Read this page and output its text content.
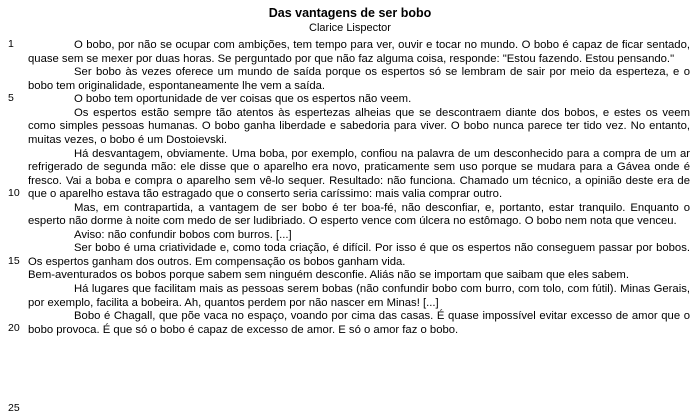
Das vantagens de ser bobo
Clarice Lispector
1
5
10
15
20
25

O bobo, por não se ocupar com ambições, tem tempo para ver, ouvir e tocar no mundo. O bobo é capaz de ficar sentado, quase sem se mexer por duas horas. Se perguntado por que não faz alguma coisa, responde: "Estou fazendo. Estou pensando."

Ser bobo às vezes oferece um mundo de saída porque os espertos só se lembram de sair por meio da esperteza, e o bobo tem originalidade, espontaneamente lhe vem a saída.

O bobo tem oportunidade de ver coisas que os espertos não veem.

Os espertos estão sempre tão atentos às espertezas alheias que se descontraem diante dos bobos, e estes os veem como simples pessoas humanas. O bobo ganha liberdade e sabedoria para viver. O bobo nunca parece ter tido vez. No entanto, muitas vezes, o bobo é um Dostoievski.

Há desvantagem, obviamente. Uma bobа, por exemplo, confiou na palavra de um desconhecido para a compra de um ar refrigerado de segunda mão: ele disse que o aparelho era novo, praticamente sem uso porque se mudara para a Gávea onde é fresco. Vai a boba e compra o aparelho sem vê-lo sequer. Resultado: não funciona. Chamado um técnico, a opinião deste era de que o aparelho estava tão estragado que o conserto seria caríssimo: mais valia comprar outro.

Mas, em contrapartida, a vantagem de ser bobo é ter boa-fé, não desconfiar, e, portanto, estar tranquilo. Enquanto o esperto não dorme à noite com medo de ser ludibriado. O esperto vence com úlcera no estômago. O bobo nem nota que venceu.

Aviso: não confundir bobos com burros. [...]

Ser bobo é uma criatividade e, como toda criação, é difícil. Por isso é que os espertos não conseguem passar por bobos. Os espertos ganham dos outros. Em compensação os bobos ganham vida.

Bem-aventurados os bobos porque sabem sem ninguém desconfie. Aliás não se importam que saibam que eles sabem.

Há lugares que facilitam mais as pessoas serem bobas (não confundir bobo com burro, com tolo, com fútil). Minas Gerais, por exemplo, facilita a bobeira. Ah, quantos perdem por não nascer em Minas! [...]

Bobo é Chagall, que põe vaca no espaço, voando por cima das casas. É quase impossível evitar excesso de amor que o bobo provoca. É que só o bobo é capaz de excesso de amor. E só o amor faz o bobo.
